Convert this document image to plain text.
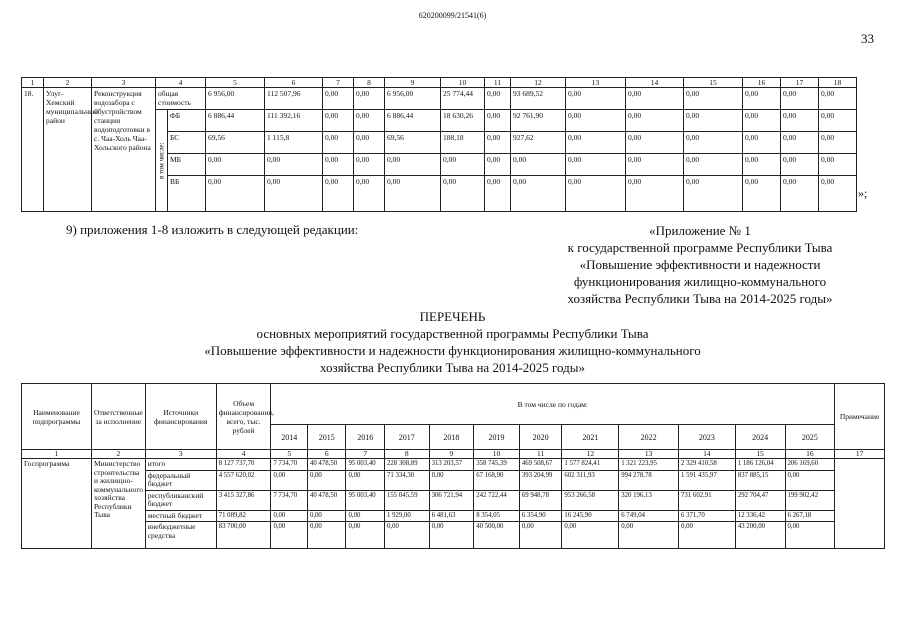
620200099/21541(6)
33
1	2	3	4		5	6	7	8	9	10	11	12	13	14	15	16	17	18
18.	Улуг-Хемский муниципальный район	Реконструкция водозабора с обустройством станции водоподготовки в с. Чаа-Холь Чаа-Хольского района	общая стоимость		6 956,00	112 507,96	0,00	0,00	6 956,00	25 774,44	0,00	93 689,52	0,00	0,00	0,00	0,00	0,00	0,00
			в том числе:	ФБ	6 886,44	111 392,16	0,00	0,00	6 886,44	18 630,26	0,00	92 761,90	0,00	0,00	0,00	0,00	0,00	0,00
				БС	69,56	1 115,8	0,00	0,00	69,56	188,18	0,00	927,62	0,00	0,00	0,00	0,00	0,00	0,00
				МБ	0,00	0,00	0,00	0,00	0,00	0,00	0,00	0,00	0,00	0,00	0,00	0,00	0,00	0,00
				ВБ	0,00	0,00	0,00	0,00	0,00	0,00	0,00	0,00	0,00	0,00	0,00	0,00	0,00	0,00
»;
9) приложения 1-8 изложить в следующей редакции:	«Приложение № 1
к государственной программе Республики Тыва
«Повышение эффективности и надежности
функционирования жилищно-коммунального
хозяйства Республики Тыва на 2014-2025 годы»
ПЕРЕЧЕНЬ
основных мероприятий государственной программы Республики Тыва
«Повышение эффективности и надежности функционирования жилищно-коммунального
хозяйства Республики Тыва на 2014-2025 годы»
Наименование подпрограммы	Ответственные за исполнение	Источники финансирования	Объем финансирования, всего, тыс. рублей	В том числе по годам:												Примечание
				2014	2015	2016	2017	2018	2019	2020	2021	2022	2023	2024	2025	
1	2	3	4	5	6	7	8	9	10	11	12	13	14	15	16	17
Госпрограмма	Министерство строительства и жилищно-коммунального хозяйства Республики Тыва	итого	8 127 737,70	7 734,70	40 478,50	95 003,40	228 308,89	313 203,57	358 745,39	469 508,67	1 577 824,41	1 321 223,95	2 329 410,58	1 186 126,04	206 169,60	
		федеральный бюджет	4 557 620,02	0,00	0,00	0,00	71 334,30	0,00	67 168,90	393 204,99	602 311,93	994 278,78	1 591 435,97	837 885,15	0,00	
		республиканский бюджет	3 415 327,86	7 734,70	40 478,50	95 003,40	155 045,59	306 721,94	242 722,44	69 948,78	953 266,58	320 196,13	731 602,91	292 704,47	199 902,42	
		местный бюджет	71 089,82	0,00	0,00	0,00	1 929,00	6 481,63	8 354,05	6 354,90	16 245,90	6 749,04	6 371,70	12 336,42	6 267,18	
		внебюджетные средства	83 700,00	0,00	0,00	0,00	0,00	0,00	40 500,00	0,00	0,00	0,00	0,00	43 200,00	0,00	
